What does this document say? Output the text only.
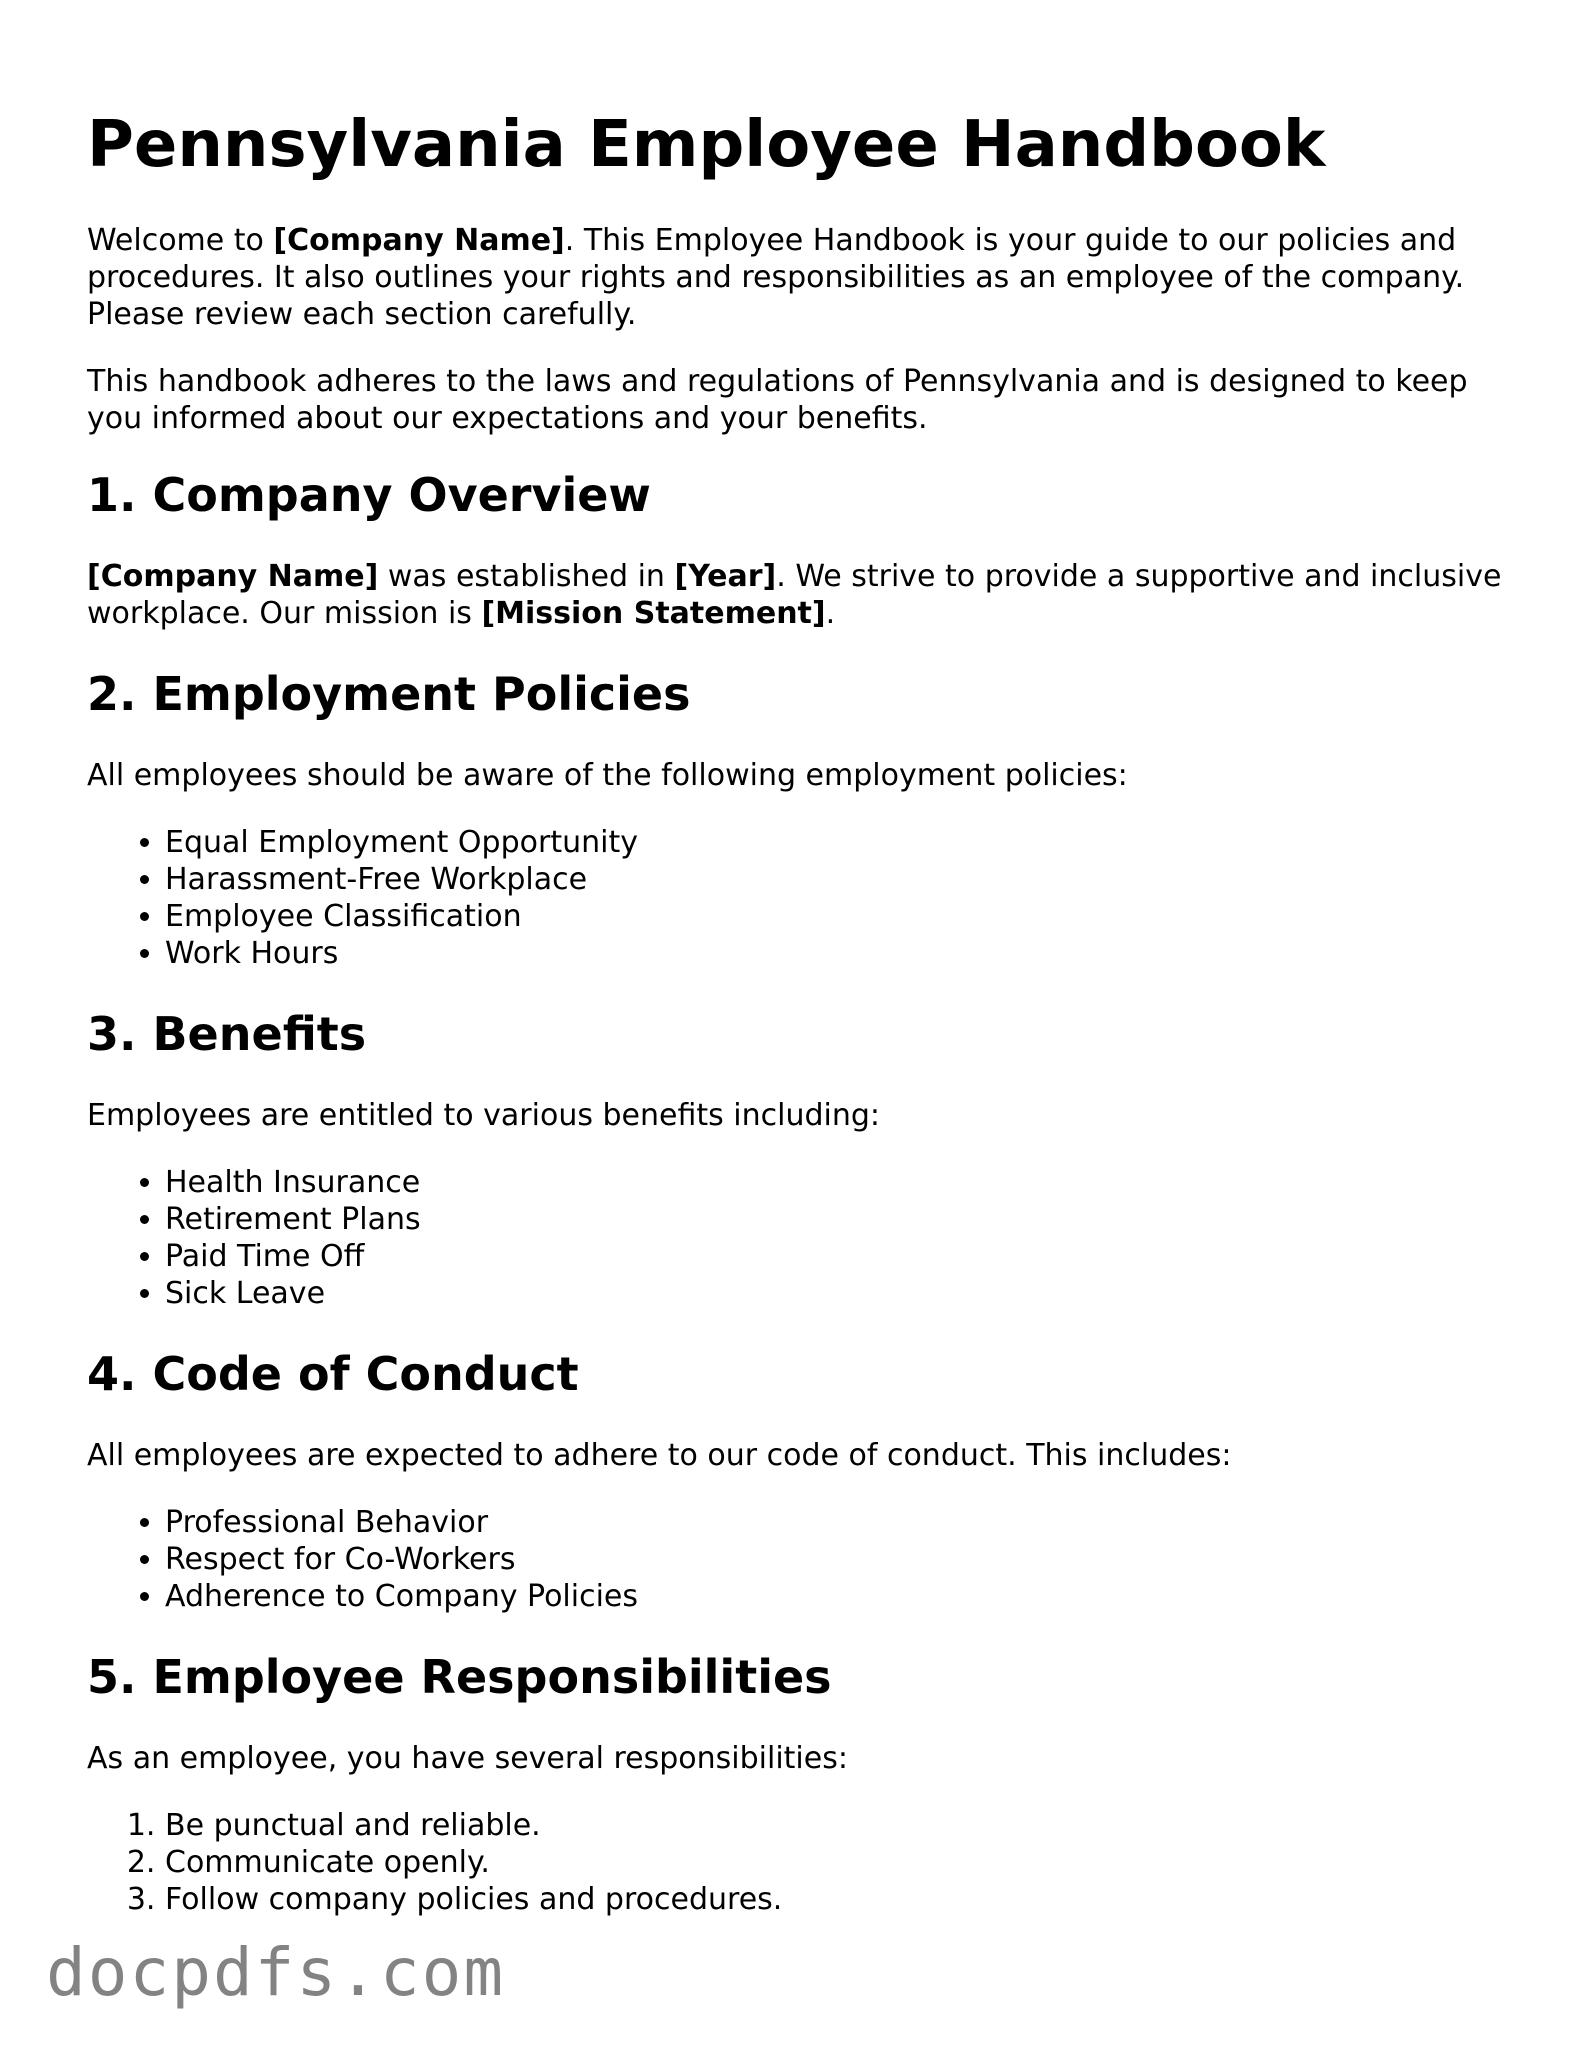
Pennsylvania Employee Handbook

Welcome to [Company Name]. This Employee Handbook is your guide to our policies and procedures. It also outlines your rights and responsibilities as an employee of the company. Please review each section carefully.

This handbook adheres to the laws and regulations of Pennsylvania and is designed to keep you informed about our expectations and your benefits.

1. Company Overview

[Company Name] was established in [Year]. We strive to provide a supportive and inclusive workplace. Our mission is [Mission Statement].

2. Employment Policies

All employees should be aware of the following employment policies:

• Equal Employment Opportunity
• Harassment-Free Workplace
• Employee Classification
• Work Hours
3. Benefits

Employees are entitled to various benefits including:

• Health Insurance
• Retirement Plans
• Paid Time Off
• Sick Leave
4. Code of Conduct

All employees are expected to adhere to our code of conduct. This includes:

• Professional Behavior
• Respect for Co-Workers
• Adherence to Company Policies
5. Employee Responsibilities

As an employee, you have several responsibilities:

1. Be punctual and reliable.
2. Communicate openly.
3. Follow company policies and procedures.
docpdfs.com
